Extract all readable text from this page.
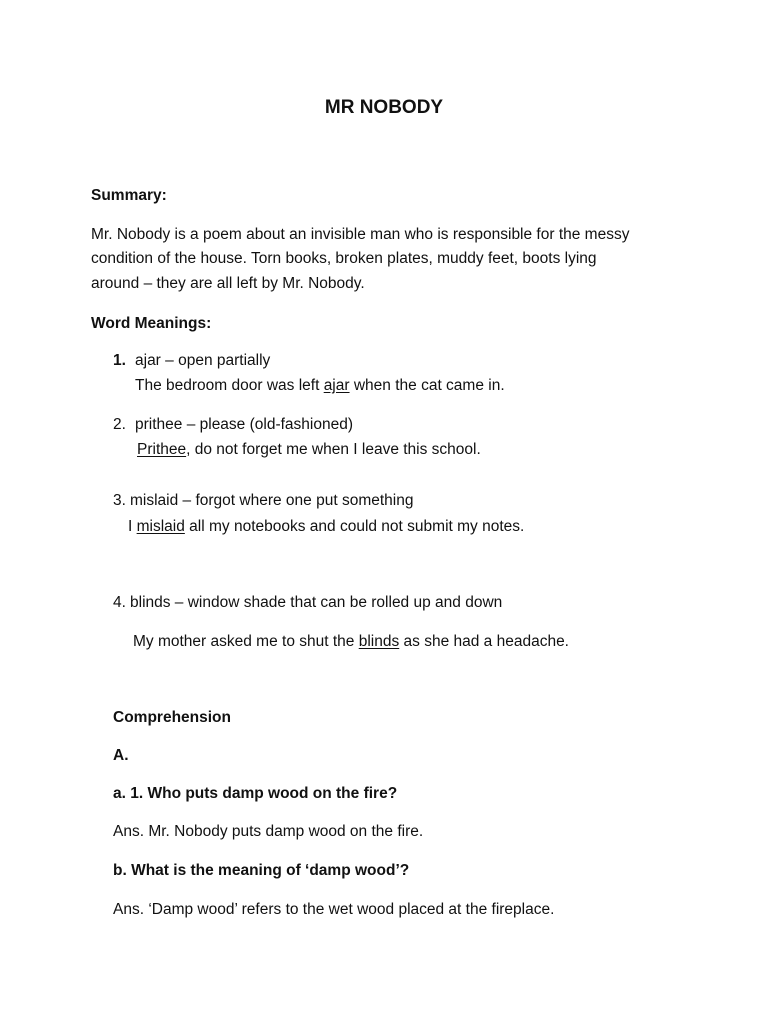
MR NOBODY
Summary:
Mr. Nobody is a poem about an invisible man who is responsible for the messy
condition of the house. Torn books, broken plates, muddy feet, boots lying
around – they are all left by Mr. Nobody.
Word Meanings:
1. ajar – open partially
The bedroom door was left ajar when the cat came in.
2. prithee – please (old-fashioned)
Prithee, do not forget me when I leave this school.
3. mislaid – forgot where one put something
I mislaid all my notebooks and could not submit my notes.
4. blinds – window shade that can be rolled up and down
My mother asked me to shut the blinds as she had a headache.
Comprehension
A.
a. 1. Who puts damp wood on the fire?
Ans. Mr. Nobody puts damp wood on the fire.
b. What is the meaning of ‘damp wood’?
Ans. ‘Damp wood’ refers to the wet wood placed at the fireplace.
